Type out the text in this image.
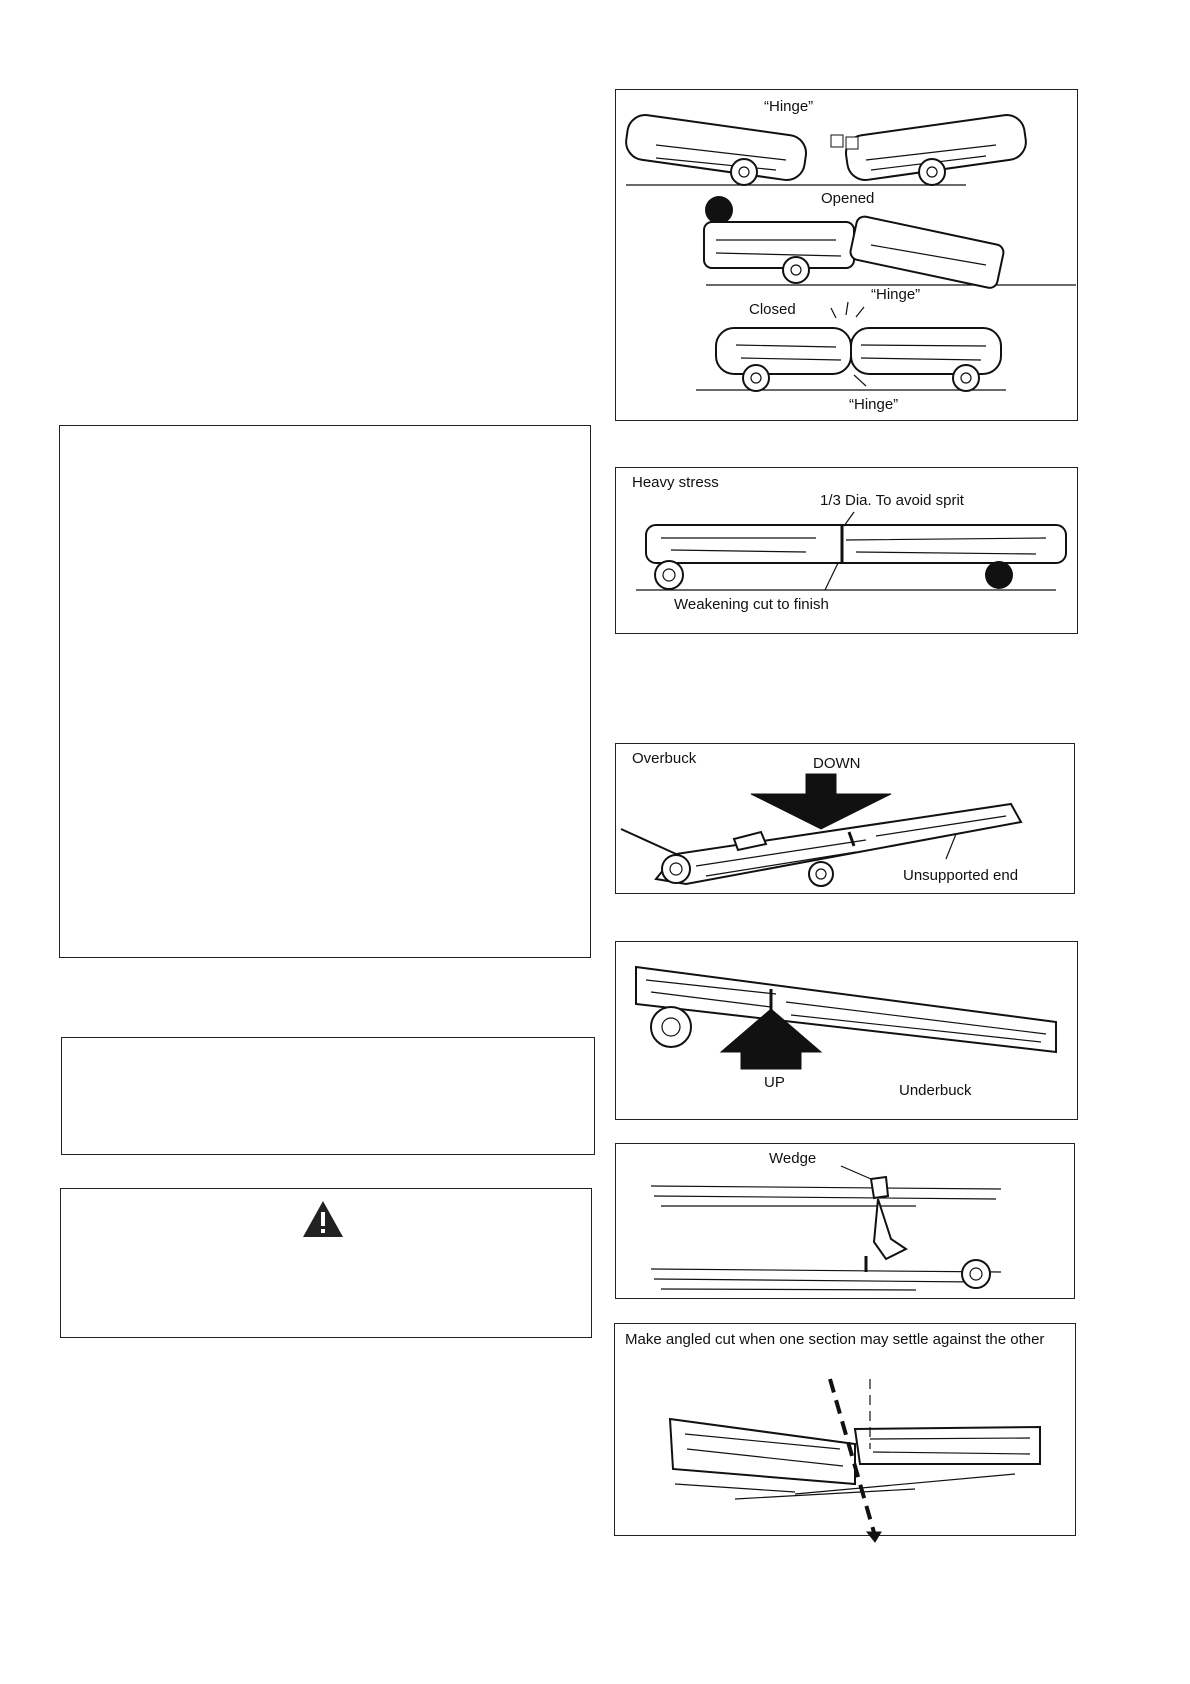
“Hinge”
Opened
“Hinge”
Closed
“Hinge”
Heavy stress
1/3 Dia. To avoid sprit
Weakening cut to finish
Overbuck	DOWN
Unsupported end
UP	Underbuck
Wedge
Make angled cut when one section may settle against the other
